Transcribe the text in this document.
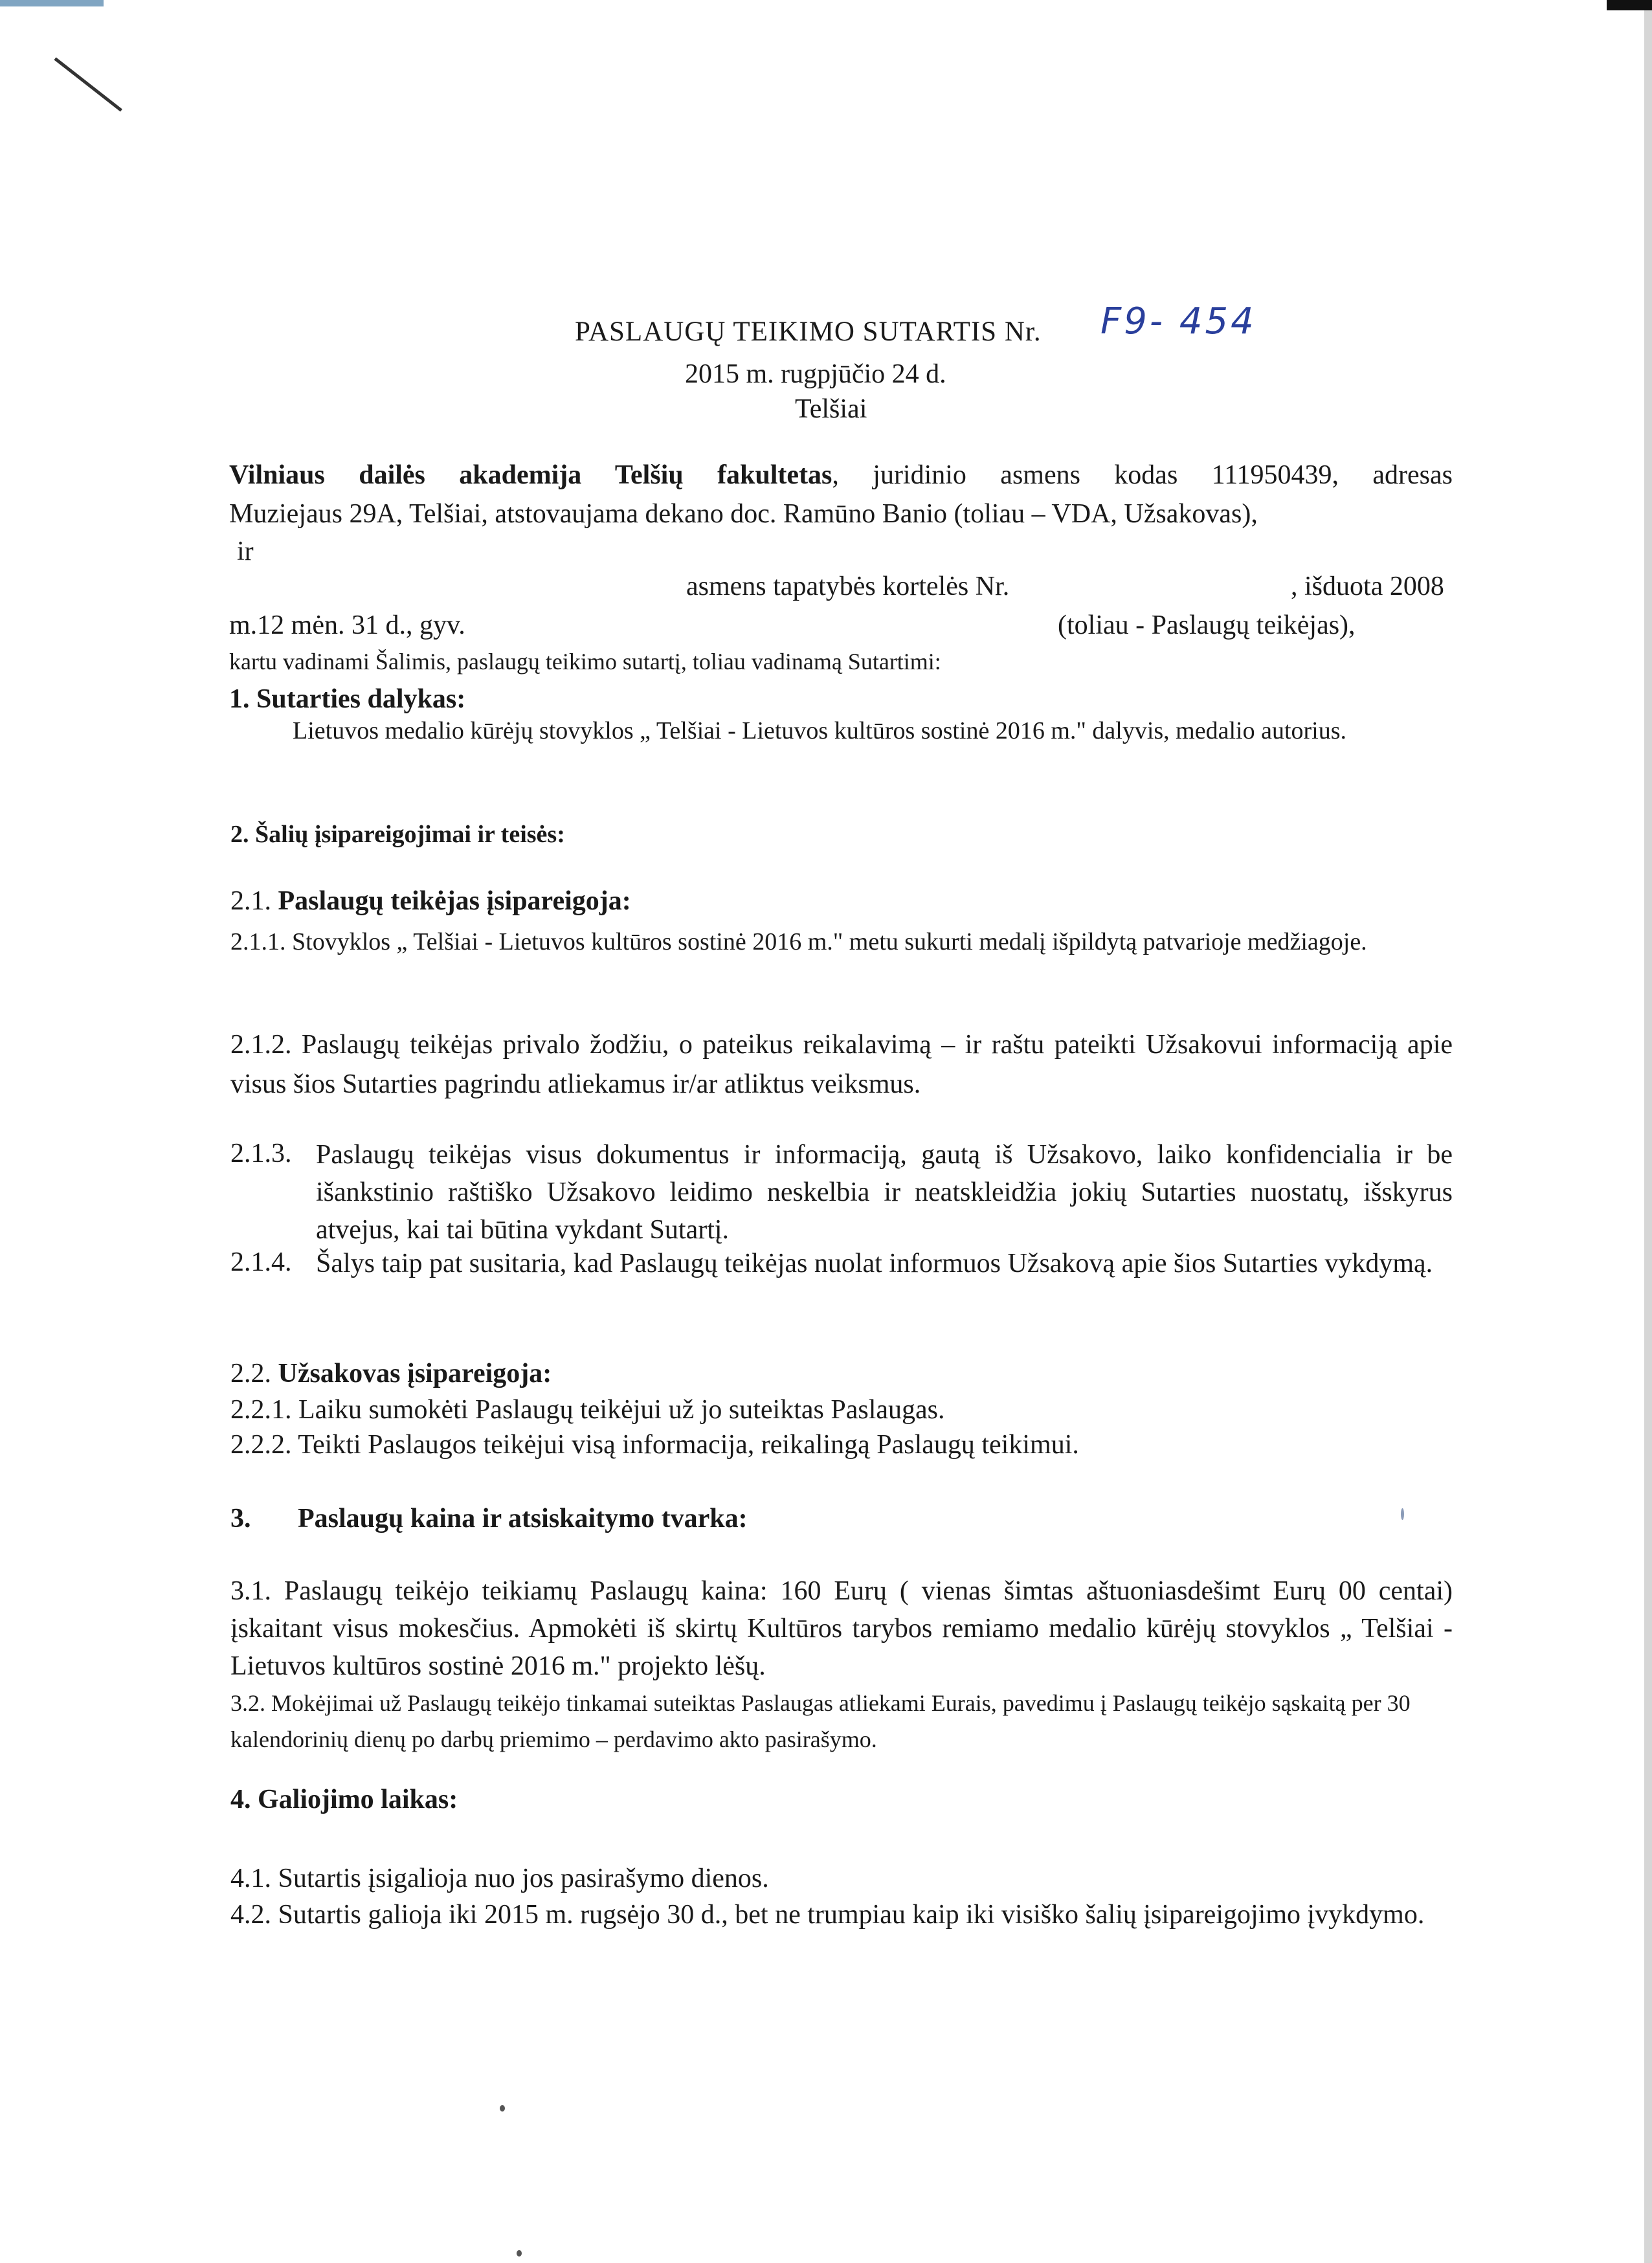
PASLAUGŲ TEIKIMO SUTARTIS Nr. F9- 454

2015 m. rugpjūčio 24 d.

Telšiai

Vilniaus dailės akademija Telšių fakultetas, juridinio asmens kodas 111950439, adresas

Muziejaus 29A, Telšiai, atstovaujama dekano doc. Ramūno Banio (toliau – VDA, Užsakovas),

ir

asmens tapatybės kortelės Nr.	, išduota 2008

m.12 mėn. 31 d., gyv.	(toliau - Paslaugų teikėjas),

kartu vadinami Šalimis, paslaugų teikimo sutartį, toliau vadinamą Sutartimi:

1. Sutarties dalykas:

Lietuvos medalio kūrėjų stovyklos „ Telšiai - Lietuvos kultūros sostinė 2016 m." dalyvis, medalio autorius.

2. Šalių įsipareigojimai ir teisės:

2.1. Paslaugų teikėjas įsipareigoja:

2.1.1. Stovyklos „ Telšiai - Lietuvos kultūros sostinė 2016 m." metu sukurti medalį išpildytą patvarioje medžiagoje.

2.1.2. Paslaugų teikėjas privalo žodžiu, o pateikus reikalavimą – ir raštu pateikti Užsakovui informaciją apie visus šios Sutarties pagrindu atliekamus ir/ar atliktus veiksmus.

2.1.3. Paslaugų teikėjas visus dokumentus ir informaciją, gautą iš Užsakovo, laiko konfidencialia ir be išankstinio raštiško Užsakovo leidimo neskelbia ir neatskleidžia jokių Sutarties nuostatų, išskyrus atvejus, kai tai būtina vykdant Sutartį.
2.1.4. Šalys taip pat susitaria, kad Paslaugų teikėjas nuolat informuos Užsakovą apie šios Sutarties vykdymą.

2.2. Užsakovas įsipareigoja:

2.2.1. Laiku sumokėti Paslaugų teikėjui už jo suteiktas Paslaugas.

2.2.2. Teikti Paslaugos teikėjui visą informacija, reikalingą Paslaugų teikimui.

3. Paslaugų kaina ir atsiskaitymo tvarka:

3.1. Paslaugų teikėjo teikiamų Paslaugų kaina: 160 Eurų ( vienas šimtas aštuoniasdešimt Eurų 00 centai) įskaitant visus mokesčius. Apmokėti iš skirtų Kultūros tarybos remiamo medalio kūrėjų stovyklos „ Telšiai - Lietuvos kultūros sostinė 2016 m." projekto lėšų.

3.2. Mokėjimai už Paslaugų teikėjo tinkamai suteiktas Paslaugas atliekami Eurais, pavedimu į Paslaugų teikėjo sąskaitą per 30 kalendorinių dienų po darbų priemimo – perdavimo akto pasirašymo.

4. Galiojimo laikas:

4.1. Sutartis įsigalioja nuo jos pasirašymo dienos.

4.2. Sutartis galioja iki 2015 m. rugsėjo 30 d., bet ne trumpiau kaip iki visiško šalių įsipareigojimo įvykdymo.
